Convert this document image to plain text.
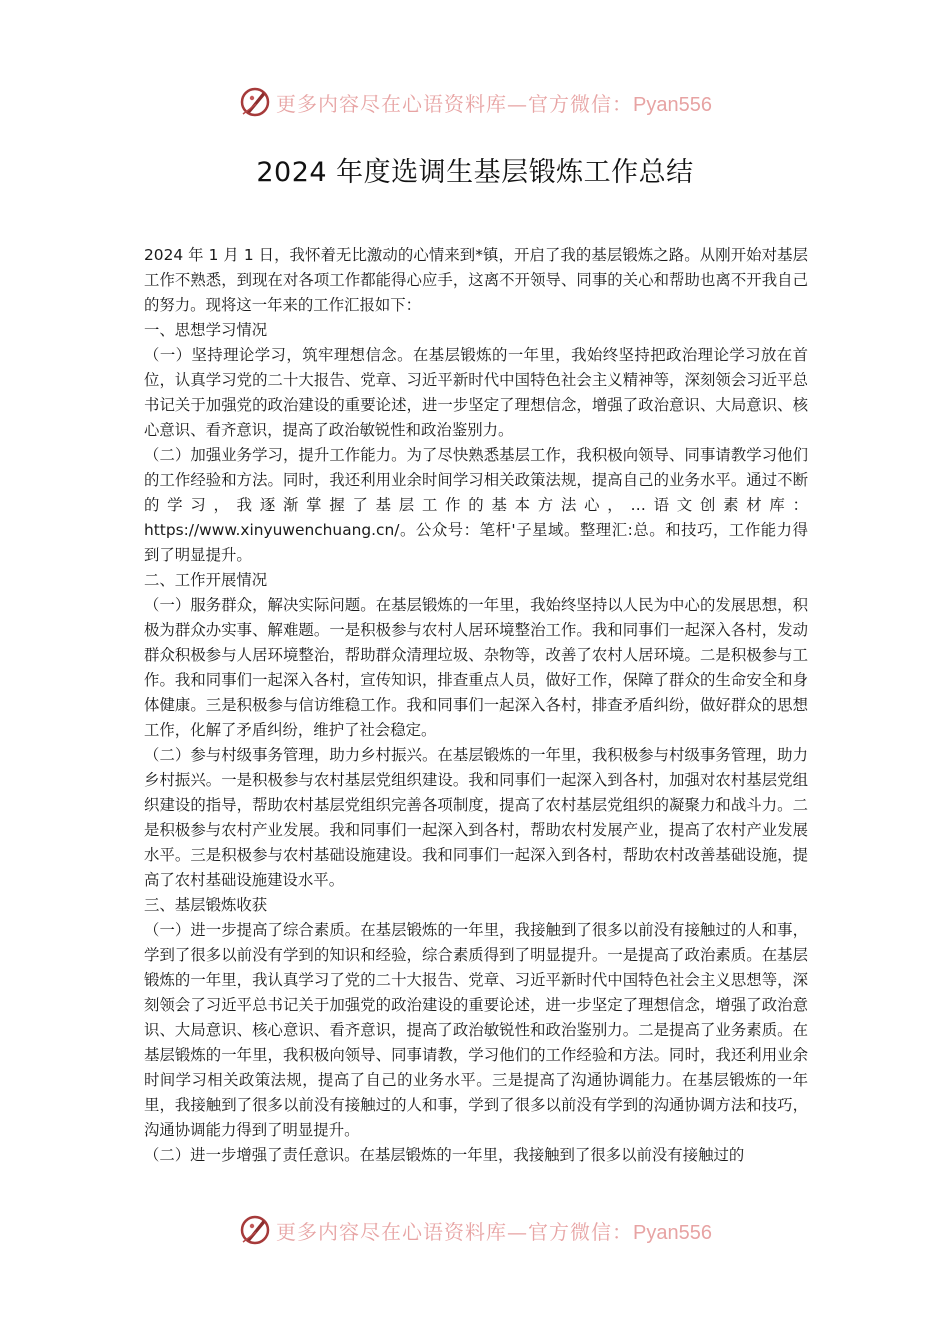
更多内容尽在心语资料库—官方微信：Pyan556
2024 年度选调生基层锻炼工作总结

2024 年 1 月 1 日，我怀着无比激动的心情来到*镇，开启了我的基层锻炼之路。从刚开始对基层工作不熟悉，到现在对各项工作都能得心应手，这离不开领导、同事的关心和帮助也离不开我自己的努力。现将这一年来的工作汇报如下：

一、思想学习情况

（一）坚持理论学习，筑牢理想信念。在基层锻炼的一年里，我始终坚持把政治理论学习放在首位，认真学习党的二十大报告、党章、习近平新时代中国特色社会主义精神等，深刻领会习近平总书记关于加强党的政治建设的重要论述，进一步坚定了理想信念，增强了政治意识、大局意识、核心意识、看齐意识，提高了政治敏锐性和政治鉴别力。

（二）加强业务学习，提升工作能力。为了尽快熟悉基层工作，我积极向领导、同事请教学习他们的工作经验和方法。同时，我还利用业余时间学习相关政策法规，提高自己的业务水平。通过不断的学习，我逐渐掌握了基层工作的基本方法心，…语文创素材库：https://www.xinyuwenchuang.cn/。公众号：笔杆'子星域。整理汇:总。和技巧，工作能力得到了明显提升。

二、工作开展情况

（一）服务群众，解决实际问题。在基层锻炼的一年里，我始终坚持以人民为中心的发展思想，积极为群众办实事、解难题。一是积极参与农村人居环境整治工作。我和同事们一起深入各村，发动群众积极参与人居环境整治，帮助群众清理垃圾、杂物等，改善了农村人居环境。二是积极参与工作。我和同事们一起深入各村，宣传知识，排查重点人员，做好工作，保障了群众的生命安全和身体健康。三是积极参与信访维稳工作。我和同事们一起深入各村，排查矛盾纠纷，做好群众的思想工作，化解了矛盾纠纷，维护了社会稳定。

（二）参与村级事务管理，助力乡村振兴。在基层锻炼的一年里，我积极参与村级事务管理，助力乡村振兴。一是积极参与农村基层党组织建设。我和同事们一起深入到各村，加强对农村基层党组织建设的指导，帮助农村基层党组织完善各项制度，提高了农村基层党组织的凝聚力和战斗力。二是积极参与农村产业发展。我和同事们一起深入到各村，帮助农村发展产业，提高了农村产业发展水平。三是积极参与农村基础设施建设。我和同事们一起深入到各村，帮助农村改善基础设施，提高了农村基础设施建设水平。

三、基层锻炼收获

（一）进一步提高了综合素质。在基层锻炼的一年里，我接触到了很多以前没有接触过的人和事，学到了很多以前没有学到的知识和经验，综合素质得到了明显提升。一是提高了政治素质。在基层锻炼的一年里，我认真学习了党的二十大报告、党章、习近平新时代中国特色社会主义思想等，深刻领会了习近平总书记关于加强党的政治建设的重要论述，进一步坚定了理想信念，增强了政治意识、大局意识、核心意识、看齐意识，提高了政治敏锐性和政治鉴别力。二是提高了业务素质。在基层锻炼的一年里，我积极向领导、同事请教，学习他们的工作经验和方法。同时，我还利用业余时间学习相关政策法规，提高了自己的业务水平。三是提高了沟通协调能力。在基层锻炼的一年里，我接触到了很多以前没有接触过的人和事，学到了很多以前没有学到的沟通协调方法和技巧，沟通协调能力得到了明显提升。

（二）进一步增强了责任意识。在基层锻炼的一年里，我接触到了很多以前没有接触过的

更多内容尽在心语资料库—官方微信：Pyan556
